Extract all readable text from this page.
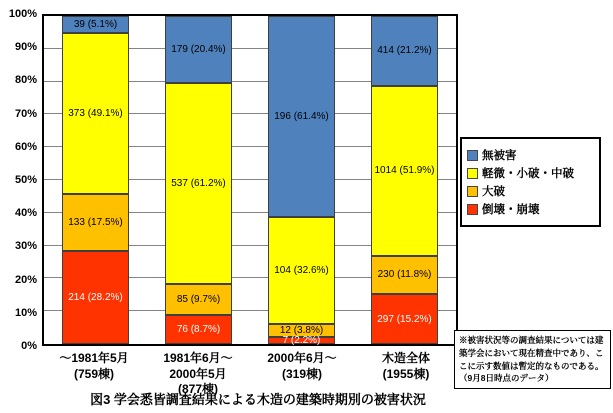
100%
90%
80%
70%
60%
50%
40%
30%
20%
10%
0%
214 (28.2%)
133 (17.5%)
373 (49.1%)
39 (5.1%)
76 (8.7%)
85 (9.7%)
537 (61.2%)
179 (20.4%)
7 (2.2%)
12 (3.8%)
104 (32.6%)
196 (61.4%)
297 (15.2%)
230 (11.8%)
1014 (51.9%)
414 (21.2%)
～1981年5月
(759棟)
1981年6月～
2000年5月
(877棟)
2000年6月～
(319棟)
木造全体
(1955棟)
無被害
軽微・小破・中破
大破
倒壊・崩壊
※被害状況等の調査結果については建築学会において現在精査中であり、ここに示す数値は暫定的なものである。（9月8日時点のデータ）
図3 学会悉皆調査結果による木造の建築時期別の被害状況
